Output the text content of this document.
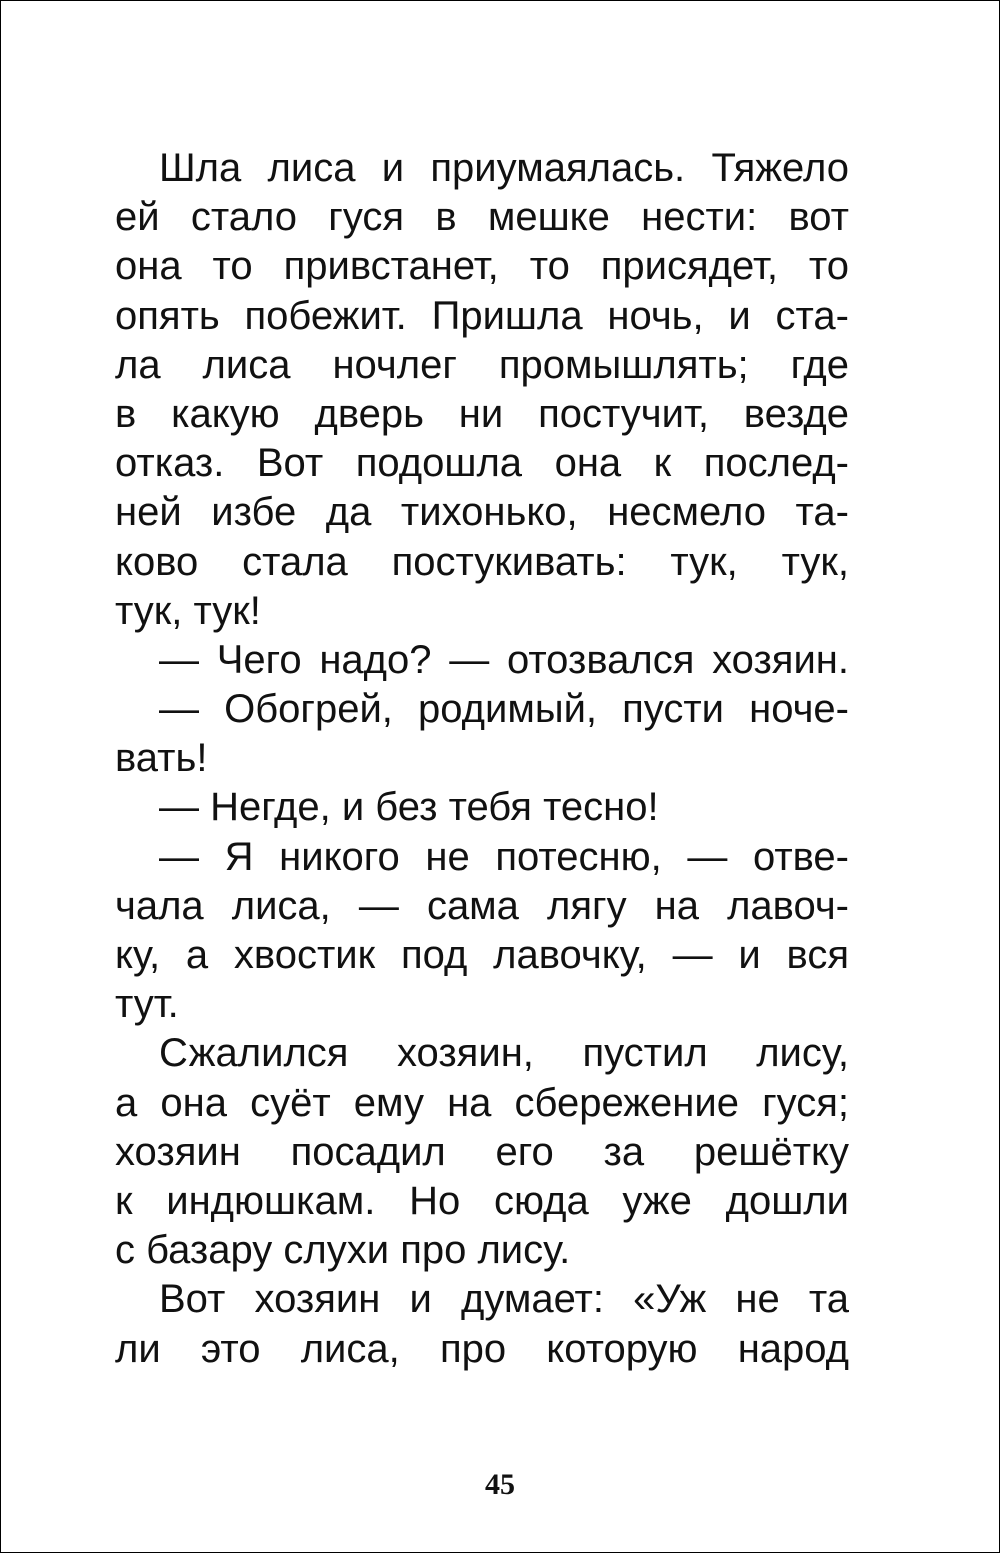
Шла лиса и приумаялась. Тяжело
ей стало гуся в мешке нести: вот
она то привстанет, то присядет, то
опять побежит. Пришла ночь, и ста-
ла лиса ночлег промышлять; где
в какую дверь ни постучит, везде
отказ. Вот подошла она к послед-
ней избе да тихонько, несмело та-
ково стала постукивать: тук, тук,
тук, тук!
— Чего надо? — отозвался хозяин.
— Обогрей, родимый, пусти ноче-
вать!
— Негде, и без тебя тесно!
— Я никого не потесню, — отве-
чала лиса, — сама лягу на лавоч-
ку, а хвостик под лавочку, — и вся
тут.
Сжалился хозяин, пустил лису,
а она суёт ему на сбережение гуся;
хозяин посадил его за решётку
к индюшкам. Но сюда уже дошли
с базару слухи про лису.
Вот хозяин и думает: «Уж не та
ли это лиса, про которую народ
45
